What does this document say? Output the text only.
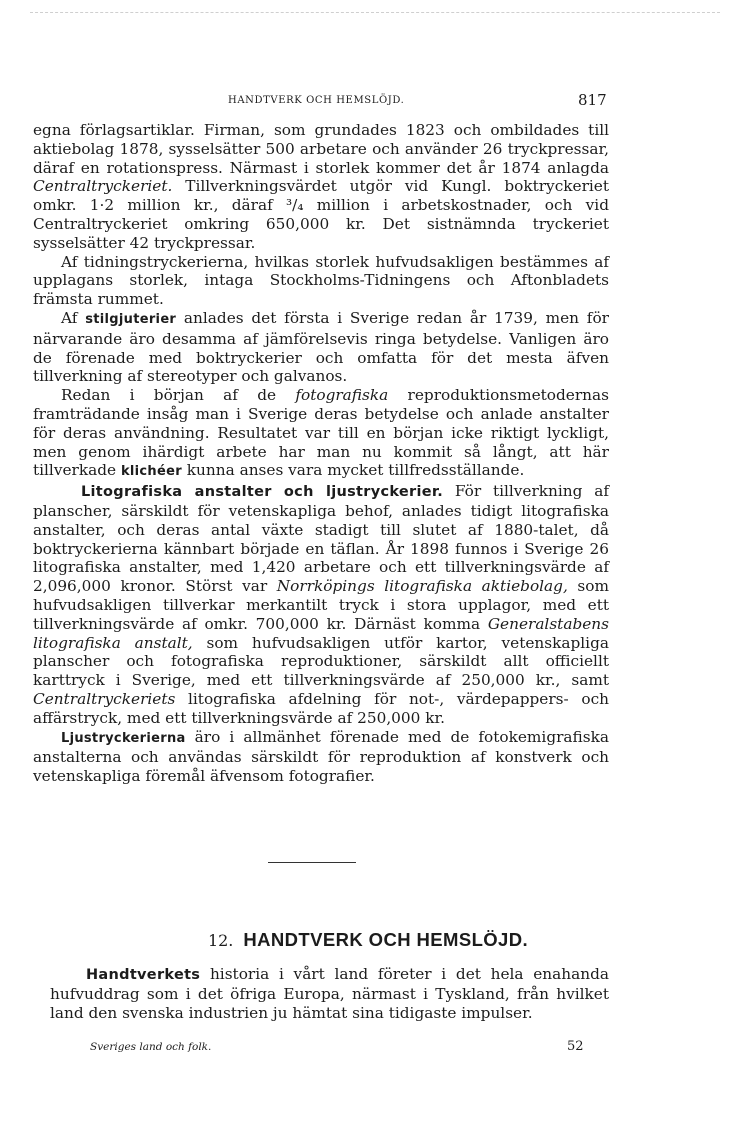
HANDTVERK OCH HEMSLÖJD.	817

egna förlagsartiklar. Firman, som grundades 1823 och ombildades till aktiebolag 1878, sysselsätter 500 arbetare och använder 26 tryckpressar, däraf en rotationspress. Närmast i storlek kommer det år 1874 anlagda Centraltryckeriet. Tillverkningsvärdet utgör vid Kungl. boktryckeriet omkr. 1·2 million kr., däraf ³/₄ million i arbetskostnader, och vid Centraltryckeriet omkring 650,000 kr. Det sistnämnda tryckeriet sysselsätter 42 tryckpressar.

Af tidningstryckerierna, hvilkas storlek hufvudsakligen bestämmes af upplagans storlek, intaga Stockholms-Tidningens och Aftonbladets främsta rummet.

Af stilgjuterier anlades det första i Sverige redan år 1739, men för närvarande äro desamma af jämförelsevis ringa betydelse. Vanligen äro de förenade med boktryckerier och omfatta för det mesta äfven tillverkning af stereotyper och galvanos.

Redan i början af de fotografiska reproduktionsmetodernas framträdande insåg man i Sverige deras betydelse och anlade anstalter för deras användning. Resultatet var till en början icke riktigt lyckligt, men genom ihärdigt arbete har man nu kommit så långt, att här tillverkade klichéer kunna anses vara mycket tillfredsställande.

Litografiska anstalter och ljustryckerier. För tillverkning af planscher, särskildt för vetenskapliga behof, anlades tidigt litografiska anstalter, och deras antal växte stadigt till slutet af 1880-talet, då boktryckerierna kännbart började en täflan. År 1898 funnos i Sverige 26 litografiska anstalter, med 1,420 arbetare och ett tillverkningsvärde af 2,096,000 kronor. Störst var Norrköpings litografiska aktiebolag, som hufvudsakligen tillverkar merkantilt tryck i stora upplagor, med ett tillverkningsvärde af omkr. 700,000 kr. Därnäst komma Generalstabens litografiska anstalt, som hufvudsakligen utför kartor, vetenskapliga planscher och fotografiska reproduktioner, särskildt allt officiellt karttryck i Sverige, med ett tillverkningsvärde af 250,000 kr., samt Centraltryckeriets litografiska afdelning för not-, värdepappers- och affärstryck, med ett tillverkningsvärde af 250,000 kr.

Ljustryckerierna äro i allmänhet förenade med de fotokemigrafiska anstalterna och användas särskildt för reproduktion af konstverk och vetenskapliga föremål äfvensom fotografier.

12. HANDTVERK OCH HEMSLÖJD.

Handtverkets historia i vårt land företer i det hela enahanda hufvuddrag som i det öfriga Europa, närmast i Tyskland, från hvilket land den svenska industrien ju hämtat sina tidigaste impulser.

Sveriges land och folk.	52
